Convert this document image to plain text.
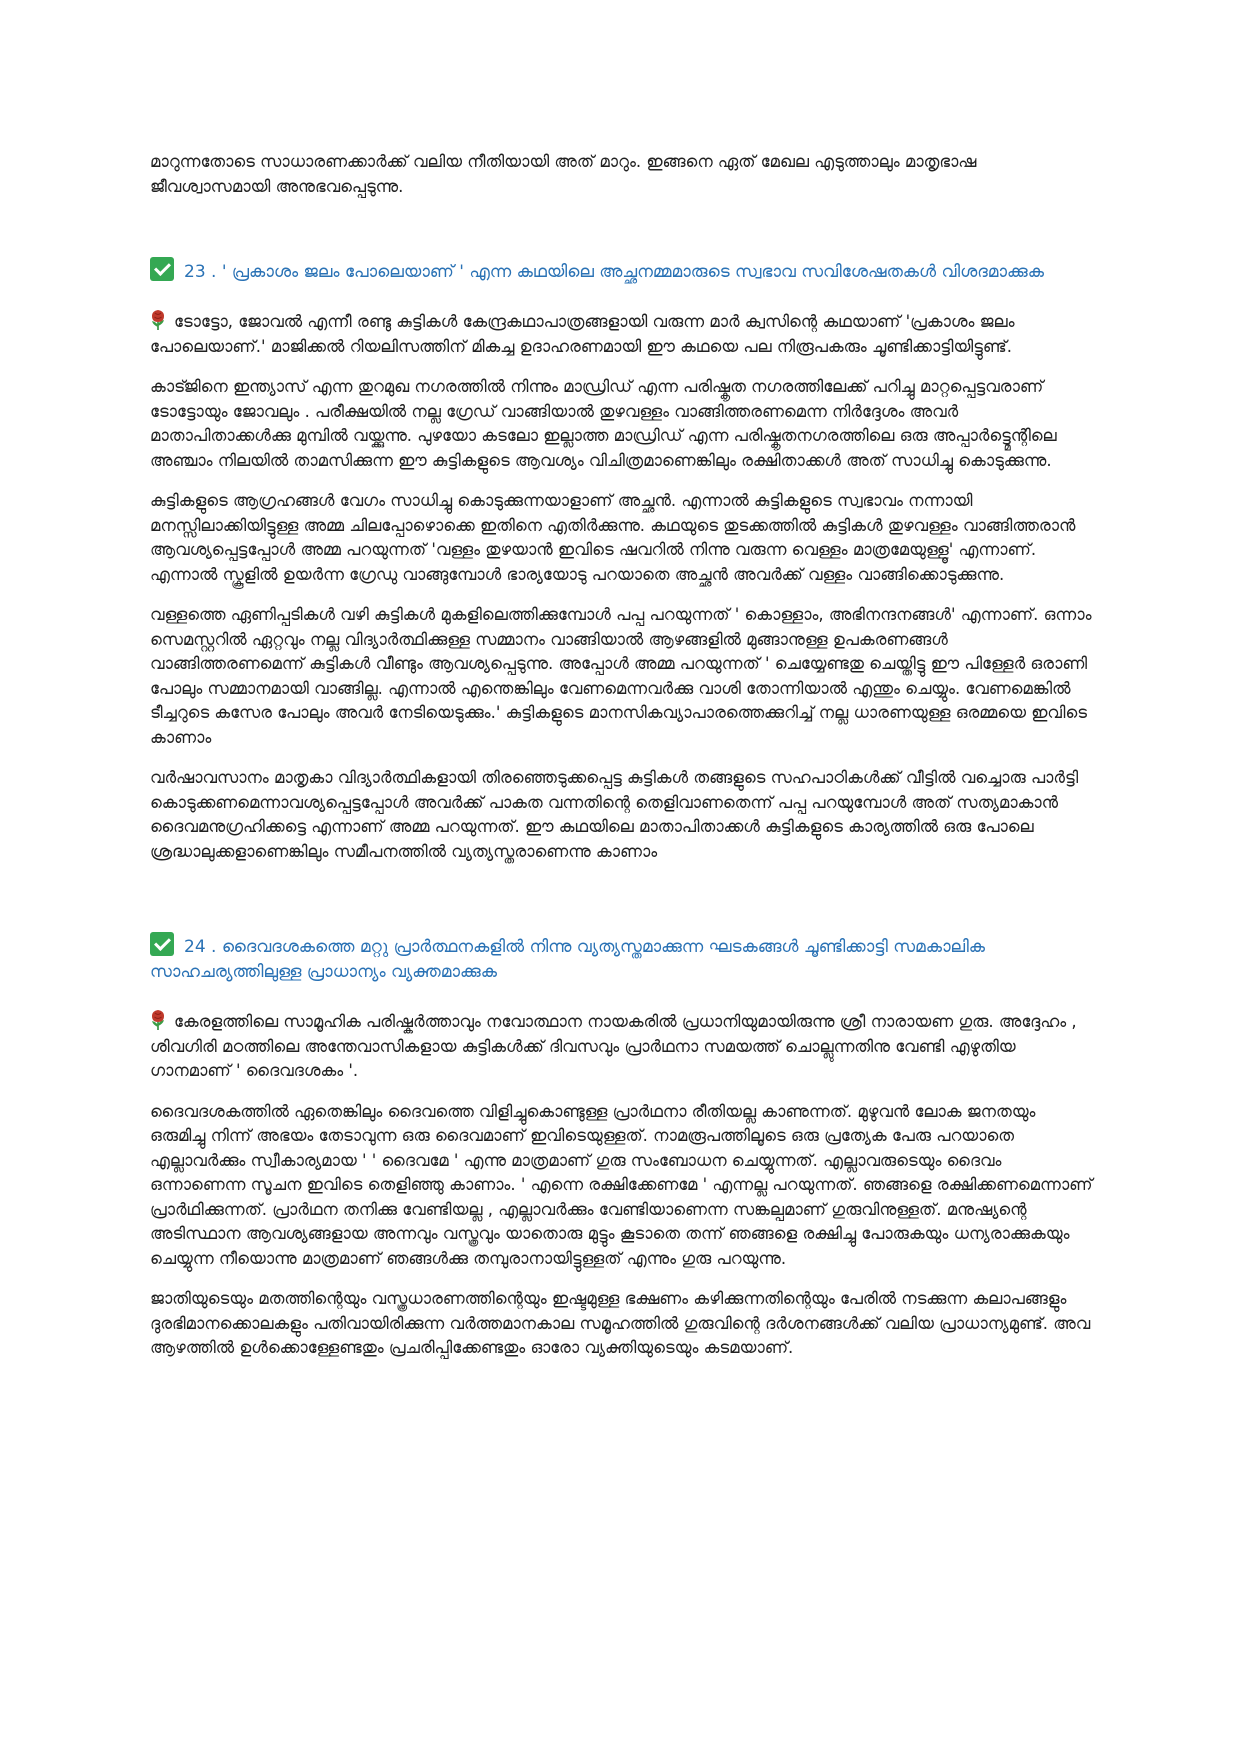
മാറുന്നതോടെ സാധാരണക്കാർക്ക് വലിയ നീതിയായി അത് മാറും. ഇങ്ങനെ ഏത് മേഖല എടുത്താലും മാതൃഭാഷ ജീവശ്വാസമായി അനുഭവപ്പെടുന്നു.

23 . ' പ്രകാശം ജലം പോലെയാണ് ' എന്ന കഥയിലെ അച്ഛനമ്മമാരുടെ സ്വഭാവ സവിശേഷതകൾ വിശദമാക്കുക

ടോട്ടോ, ജോവൽ എന്നീ രണ്ടു കുട്ടികൾ കേന്ദ്രകഥാപാത്രങ്ങളായി വരുന്ന മാർ ക്വസിന്റെ കഥയാണ് 'പ്രകാശം ജലം പോലെയാണ്.' മാജിക്കൽ റിയലിസത്തിന് മികച്ച ഉദാഹരണമായി ഈ കഥയെ പല നിരൂപകരും ചൂണ്ടിക്കാട്ടിയിട്ടുണ്ട്.

കാട്ജിനെ ഇന്ത്യാസ് എന്ന തുറമുഖ നഗരത്തിൽ നിന്നും മാഡ്രിഡ് എന്ന പരിഷ്കൃത നഗരത്തിലേക്ക് പറിച്ചു മാറ്റപ്പെട്ടവരാണ് ടോട്ടോയും ജോവലും . പരീക്ഷയിൽ നല്ല ഗ്രേഡ് വാങ്ങിയാൽ തുഴവള്ളം വാങ്ങിത്തരണമെന്ന നിർദ്ദേശം അവർ മാതാപിതാക്കൾക്കു മുമ്പിൽ വയ്ക്കുന്നു. പുഴയോ കടലോ ഇല്ലാത്ത മാഡ്രിഡ് എന്ന പരിഷ്കൃതനഗരത്തിലെ ഒരു അപ്പാർട്ട്മെന്റിലെ അഞ്ചാം നിലയിൽ താമസിക്കുന്ന ഈ കുട്ടികളുടെ ആവശ്യം വിചിത്രമാണെങ്കിലും രക്ഷിതാക്കൾ അത് സാധിച്ചു കൊടുക്കുന്നു.

കുട്ടികളുടെ ആഗ്രഹങ്ങൾ വേഗം സാധിച്ചു കൊടുക്കുന്നയാളാണ് അച്ഛൻ. എന്നാൽ കുട്ടികളുടെ സ്വഭാവം നന്നായി മനസ്സിലാക്കിയിട്ടുള്ള അമ്മ ചിലപ്പോഴൊക്കെ ഇതിനെ എതിർക്കുന്നു. കഥയുടെ തുടക്കത്തിൽ കുട്ടികൾ തുഴവള്ളം വാങ്ങിത്തരാൻ ആവശ്യപ്പെട്ടപ്പോൾ അമ്മ പറയുന്നത് 'വള്ളം തുഴയാൻ ഇവിടെ ഷവറിൽ നിന്നു വരുന്ന വെള്ളം മാത്രമേയുള്ളൂ' എന്നാണ്. എന്നാൽ സ്കൂളിൽ ഉയർന്ന ഗ്രേഡു വാങ്ങുമ്പോൾ ഭാര്യയോടു പറയാതെ അച്ഛൻ അവർക്ക് വള്ളം വാങ്ങിക്കൊടുക്കുന്നു.

വള്ളത്തെ ഏണിപ്പടികൾ വഴി കുട്ടികൾ മുകളിലെത്തിക്കുമ്പോൾ പപ്പ പറയുന്നത് ' കൊള്ളാം, അഭിനന്ദനങ്ങൾ' എന്നാണ്. ഒന്നാം സെമസ്റ്ററിൽ ഏറ്റവും നല്ല വിദ്യാർത്ഥിക്കുള്ള സമ്മാനം വാങ്ങിയാൽ ആഴങ്ങളിൽ മുങ്ങാനുള്ള ഉപകരണങ്ങൾ വാങ്ങിത്തരണമെന്ന് കുട്ടികൾ വീണ്ടും ആവശ്യപ്പെടുന്നു. അപ്പോൾ അമ്മ പറയുന്നത് ' ചെയ്യേണ്ടതു ചെയ്തിട്ടു ഈ പിള്ളേർ ഒരാണി പോലും സമ്മാനമായി വാങ്ങില്ല. എന്നാൽ എന്തെങ്കിലും വേണമെന്നവർക്കു വാശി തോന്നിയാൽ എന്തും ചെയ്യും. വേണമെങ്കിൽ ടീച്ചറുടെ കസേര പോലും അവർ നേടിയെടുക്കും.' കുട്ടികളുടെ മാനസികവ്യാപാരത്തെക്കുറിച്ച് നല്ല ധാരണയുള്ള ഒരമ്മയെ ഇവിടെ കാണാം

വർഷാവസാനം മാതൃകാ വിദ്യാർത്ഥികളായി തിരഞ്ഞെടുക്കപ്പെട്ട കുട്ടികൾ തങ്ങളുടെ സഹപാഠികൾക്ക് വീട്ടിൽ വച്ചൊരു പാർട്ടി കൊടുക്കണമെന്നാവശ്യപ്പെട്ടപ്പോൾ അവർക്ക് പാകത വന്നതിന്റെ തെളിവാണതെന്ന് പപ്പ പറയുമ്പോൾ അത് സത്യമാകാൻ ദൈവമനുഗ്രഹിക്കട്ടെ എന്നാണ് അമ്മ പറയുന്നത്. ഈ കഥയിലെ മാതാപിതാക്കൾ കുട്ടികളുടെ കാര്യത്തിൽ ഒരു പോലെ ശ്രദ്ധാലുക്കളാണെങ്കിലും സമീപനത്തിൽ വ്യത്യസ്തരാണെന്നു കാണാം

24 . ദൈവദശകത്തെ മറ്റു പ്രാർത്ഥനകളിൽ നിന്നു വ്യത്യസ്തമാക്കുന്ന ഘടകങ്ങൾ ചൂണ്ടിക്കാട്ടി സമകാലിക സാഹചര്യത്തിലുള്ള പ്രാധാന്യം വ്യക്തമാക്കുക

കേരളത്തിലെ സാമൂഹിക പരിഷ്കർത്താവും നവോത്ഥാന നായകരിൽ പ്രധാനിയുമായിരുന്നു ശ്രീ നാരായണ ഗുരു. അദ്ദേഹം , ശിവഗിരി മഠത്തിലെ അന്തേവാസികളായ കുട്ടികൾക്ക് ദിവസവും പ്രാർഥനാ സമയത്ത് ചൊല്ലുന്നതിനു വേണ്ടി എഴുതിയ ഗാനമാണ് ' ദൈവദശകം '.

ദൈവദശകത്തിൽ ഏതെങ്കിലും ദൈവത്തെ വിളിച്ചുകൊണ്ടുള്ള പ്രാർഥനാ രീതിയല്ല കാണുന്നത്. മുഴുവൻ ലോക ജനതയും ഒരുമിച്ചു നിന്ന് അഭയം തേടാവുന്ന ഒരു ദൈവമാണ് ഇവിടെയുള്ളത്. നാമരൂപത്തിലൂടെ ഒരു പ്രത്യേക പേരു പറയാതെ എല്ലാവർക്കും സ്വീകാര്യമായ ' ' ദൈവമേ ' എന്നു മാത്രമാണ് ഗുരു സംബോധന ചെയ്യുന്നത്. എല്ലാവരുടെയും ദൈവം ഒന്നാണെന്ന സൂചന ഇവിടെ തെളിഞ്ഞു കാണാം. ' എന്നെ രക്ഷിക്കേണമേ ' എന്നല്ല പറയുന്നത്. ഞങ്ങളെ രക്ഷിക്കണമെന്നാണ് പ്രാർഥിക്കുന്നത്. പ്രാർഥന തനിക്കു വേണ്ടിയല്ല , എല്ലാവർക്കും വേണ്ടിയാണെന്ന സങ്കല്പമാണ് ഗുരുവിനുള്ളത്. മനുഷ്യന്റെ അടിസ്ഥാന ആവശ്യങ്ങളായ അന്നവും വസ്ത്രവും യാതൊരു മുട്ടും കൂടാതെ തന്ന് ഞങ്ങളെ രക്ഷിച്ചു പോരുകയും ധന്യരാക്കുകയും ചെയ്യുന്ന നീയൊന്നു മാത്രമാണ് ഞങ്ങൾക്കു തമ്പുരാനായിട്ടുള്ളത് എന്നും ഗുരു പറയുന്നു.

ജാതിയുടെയും മതത്തിന്റെയും വസ്ത്രധാരണത്തിന്റെയും ഇഷ്ടമുള്ള ഭക്ഷണം കഴിക്കുന്നതിന്റെയും പേരിൽ നടക്കുന്ന കലാപങ്ങളും ദുരഭിമാനക്കൊലകളും പതിവായിരിക്കുന്ന വർത്തമാനകാല സമൂഹത്തിൽ ഗുരുവിന്റെ ദർശനങ്ങൾക്ക് വലിയ പ്രാധാന്യമുണ്ട്. അവ ആഴത്തിൽ ഉൾക്കൊള്ളേണ്ടതും പ്രചരിപ്പിക്കേണ്ടതും ഓരോ വ്യക്തിയുടെയും കടമയാണ്.
